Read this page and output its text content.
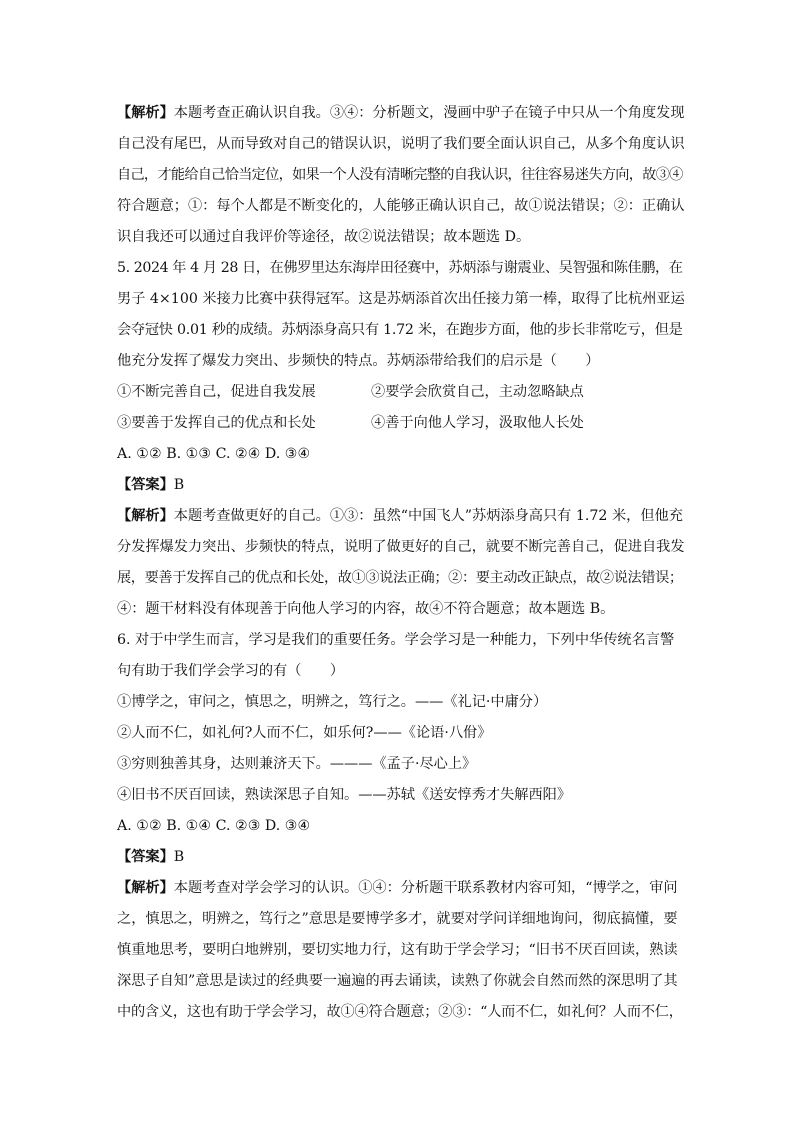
【解析】本题考查正确认识自我。③④：分析题文，漫画中驴子在镜子中只从一个角度发现
自己没有尾巴，从而导致对自己的错误认识，说明了我们要全面认识自己，从多个角度认识
自己，才能给自己恰当定位，如果一个人没有清晰完整的自我认识，往往容易迷失方向，故③④
符合题意；①：每个人都是不断变化的，人能够正确认识自己，故①说法错误；②：正确认
识自我还可以通过自我评价等途径，故②说法错误；故本题选 D。
5. 2024 年 4 月 28 日，在佛罗里达东海岸田径赛中，苏炳添与谢震业、吴智强和陈佳鹏，在
男子 4×100 米接力比赛中获得冠军。这是苏炳添首次出任接力第一棒，取得了比杭州亚运
会夺冠快 0.01 秒的成绩。苏炳添身高只有 1.72 米，在跑步方面，他的步长非常吃亏，但是
他充分发挥了爆发力突出、步频快的特点。苏炳添带给我们的启示是（　　）
①不断完善自己，促进自我发展	②要学会欣赏自己，主动忽略缺点
③要善于发挥自己的优点和长处	④善于向他人学习，汲取他人长处
A. ①② B. ①③ C. ②④ D. ③④
【答案】B
【解析】本题考查做更好的自己。①③：虽然“中国飞人”苏炳添身高只有 1.72 米，但他充
分发挥爆发力突出、步频快的特点，说明了做更好的自己，就要不断完善自己，促进自我发
展，要善于发挥自己的优点和长处，故①③说法正确；②：要主动改正缺点，故②说法错误；
④：题干材料没有体现善于向他人学习的内容，故④不符合题意；故本题选 B。
6. 对于中学生而言，学习是我们的重要任务。学会学习是一种能力，下列中华传统名言警
句有助于我们学会学习的有（　　）
①博学之，审问之，慎思之，明辨之，笃行之。——《礼记·中庸分）
②人而不仁，如礼何?人而不仁，如乐何?——《论语·八佾》
③穷则独善其身，达则兼济天下。———《孟子·尽心上》
④旧书不厌百回读，熟读深思子自知。——苏轼《送安惇秀才失解西阳》
A. ①② B. ①④ C. ②③ D. ③④
【答案】B
【解析】本题考查对学会学习的认识。①④：分析题干联系教材内容可知，“博学之，审问
之，慎思之，明辨之，笃行之”意思是要博学多才，就要对学问详细地询问，彻底搞懂，要
慎重地思考，要明白地辨别，要切实地力行，这有助于学会学习；“旧书不厌百回读，熟读
深思子自知”意思是读过的经典要一遍遍的再去诵读，读熟了你就会自然而然的深思明了其
中的含义，这也有助于学会学习，故①④符合题意；②③：“人而不仁，如礼何？人而不仁，
